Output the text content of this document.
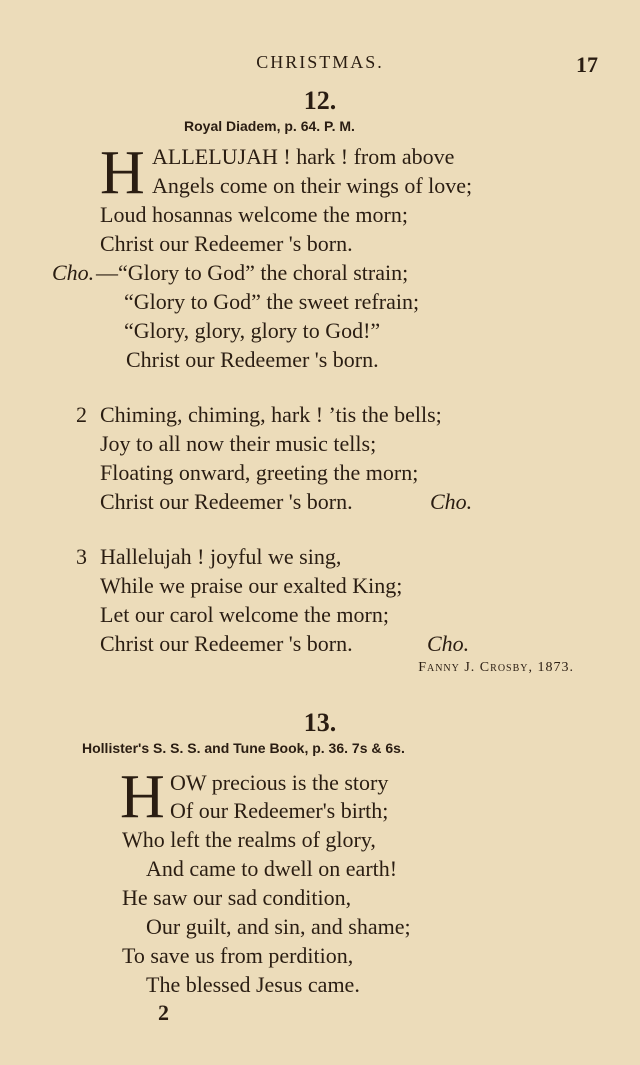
CHRISTMAS.	17
12.
Royal Diadem, p. 64. P. M.
H ALLELUJAH ! hark ! from above
Angels come on their wings of love;
Loud hosannas welcome the morn;
Christ our Redeemer 's born.
Cho. —“Glory to God” the choral strain;
“Glory to God” the sweet refrain;
“Glory, glory, glory to God!”
Christ our Redeemer 's born.
2 Chiming, chiming, hark ! ’tis the bells;
Joy to all now their music tells;
Floating onward, greeting the morn;
Christ our Redeemer 's born.	Cho.
3 Hallelujah ! joyful we sing,
While we praise our exalted King;
Let our carol welcome the morn;
Christ our Redeemer 's born.	Cho.
Fanny J. Crosby, 1873.
13.
Hollister's S. S. S. and Tune Book, p. 36. 7s & 6s.
H OW precious is the story
Of our Redeemer's birth;
Who left the realms of glory,
And came to dwell on earth!
He saw our sad condition,
Our guilt, and sin, and shame;
To save us from perdition,
The blessed Jesus came.
2
